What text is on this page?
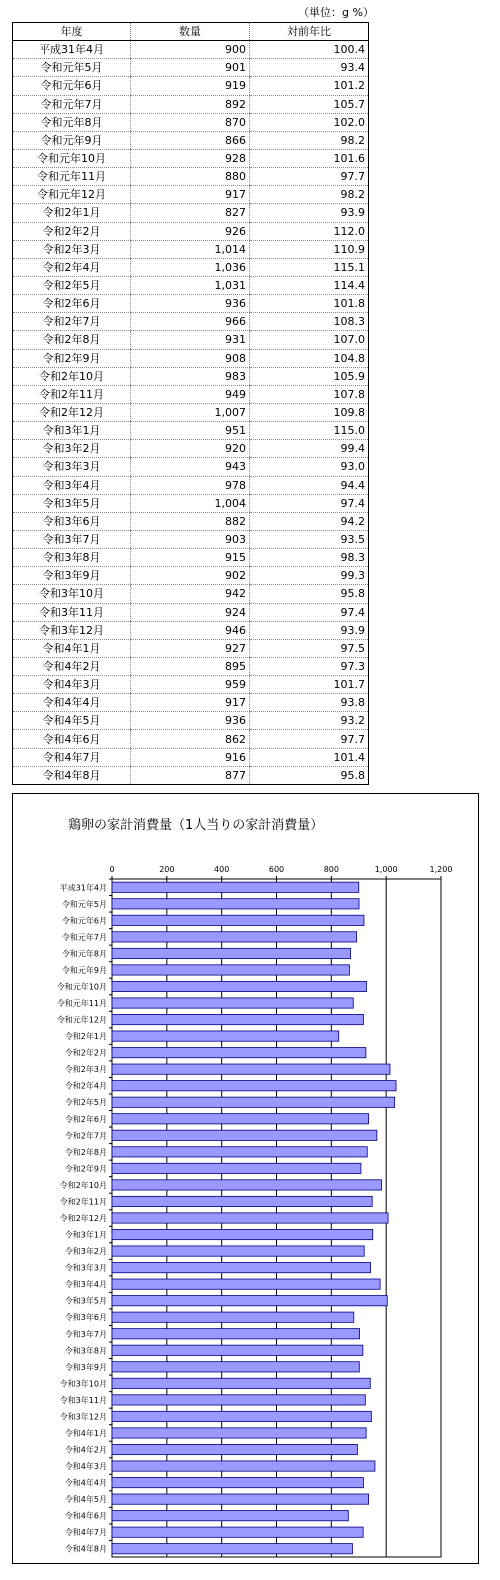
（単位：g %）
年度	数量	対前年比
平成31年4月	900	100.4
令和元年5月	901	93.4
令和元年6月	919	101.2
令和元年7月	892	105.7
令和元年8月	870	102.0
令和元年9月	866	98.2
令和元年10月	928	101.6
令和元年11月	880	97.7
令和元年12月	917	98.2
令和2年1月	827	93.9
令和2年2月	926	112.0
令和2年3月	1,014	110.9
令和2年4月	1,036	115.1
令和2年5月	1,031	114.4
令和2年6月	936	101.8
令和2年7月	966	108.3
令和2年8月	931	107.0
令和2年9月	908	104.8
令和2年10月	983	105.9
令和2年11月	949	107.8
令和2年12月	1,007	109.8
令和3年1月	951	115.0
令和3年2月	920	99.4
令和3年3月	943	93.0
令和3年4月	978	94.4
令和3年5月	1,004	97.4
令和3年6月	882	94.2
令和3年7月	903	93.5
令和3年8月	915	98.3
令和3年9月	902	99.3
令和3年10月	942	95.8
令和3年11月	924	97.4
令和3年12月	946	93.9
令和4年1月	927	97.5
令和4年2月	895	97.3
令和4年3月	959	101.7
令和4年4月	917	93.8
令和4年5月	936	93.2
令和4年6月	862	97.7
令和4年7月	916	101.4
令和4年8月	877	95.8
0	200	400	600	800	1,000	1,200
平成31年4月
令和元年5月
令和元年6月
令和元年7月
令和元年8月
令和元年9月
令和元年10月
令和元年11月
令和元年12月
令和2年1月
令和2年2月
令和2年3月
令和2年4月
令和2年5月
令和2年6月
令和2年7月
令和2年8月
令和2年9月
令和2年10月
令和2年11月
令和2年12月
令和3年1月
令和3年2月
令和3年3月
令和3年4月
令和3年5月
令和3年6月
令和3年7月
令和3年8月
令和3年9月
令和3年10月
令和3年11月
令和3年12月
令和4年1月
令和4年2月
令和4年3月
令和4年4月
令和4年5月
令和4年6月
令和4年7月
令和4年8月
鶏卵の家計消費量（1人当りの家計消費量）
